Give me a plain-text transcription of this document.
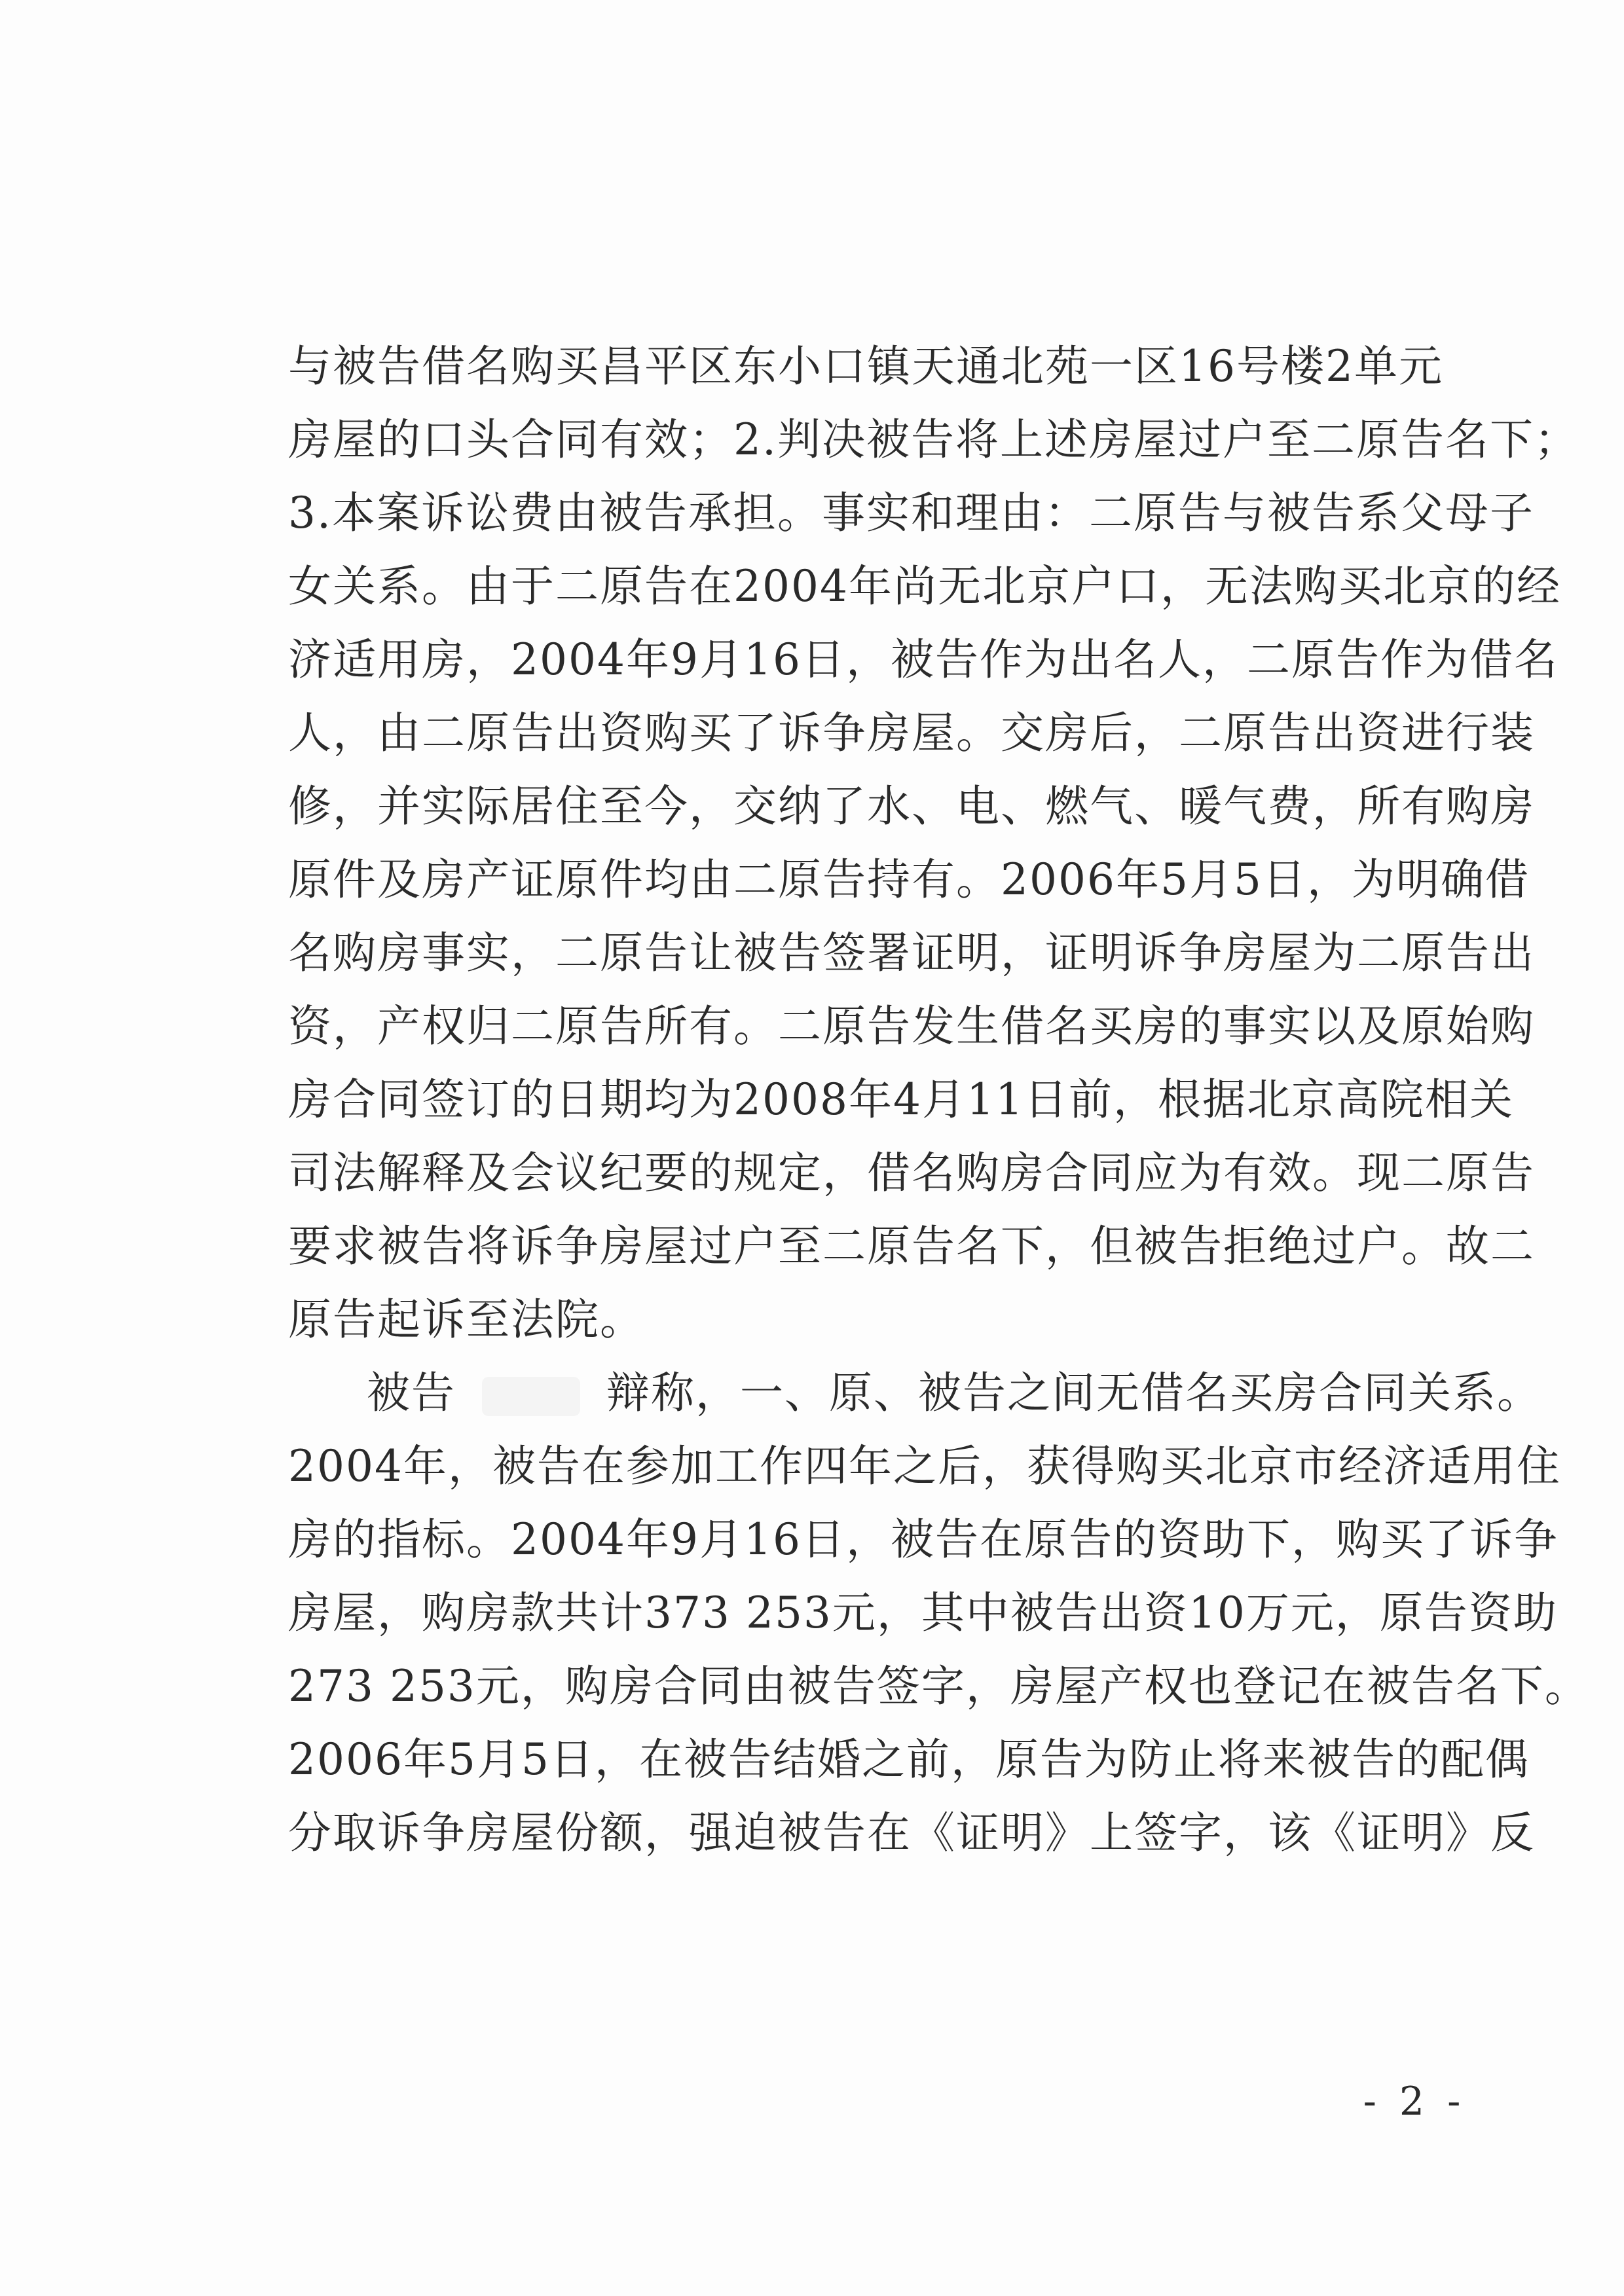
与被告借名购买昌平区东小口镇天通北苑一区16号楼2单元
房屋的口头合同有效；2.判决被告将上述房屋过户至二原告名下；
3.本案诉讼费由被告承担。事实和理由：二原告与被告系父母子
女关系。由于二原告在2004年尚无北京户口，无法购买北京的经
济适用房，2004年9月16日，被告作为出名人，二原告作为借名
人，由二原告出资购买了诉争房屋。交房后，二原告出资进行装
修，并实际居住至今，交纳了水、电、燃气、暖气费，所有购房
原件及房产证原件均由二原告持有。2006年5月5日，为明确借
名购房事实，二原告让被告签署证明，证明诉争房屋为二原告出
资，产权归二原告所有。二原告发生借名买房的事实以及原始购
房合同签订的日期均为2008年4月11日前，根据北京高院相关
司法解释及会议纪要的规定，借名购房合同应为有效。现二原告
要求被告将诉争房屋过户至二原告名下，但被告拒绝过户。故二
原告起诉至法院。
被告	辩称，一、原、被告之间无借名买房合同关系。
2004年，被告在参加工作四年之后，获得购买北京市经济适用住
房的指标。2004年9月16日，被告在原告的资助下，购买了诉争
房屋，购房款共计373 253元，其中被告出资10万元，原告资助
273 253元，购房合同由被告签字，房屋产权也登记在被告名下。
2006年5月5日，在被告结婚之前，原告为防止将来被告的配偶
分取诉争房屋份额，强迫被告在《证明》上签字，该《证明》反
- 2 -
